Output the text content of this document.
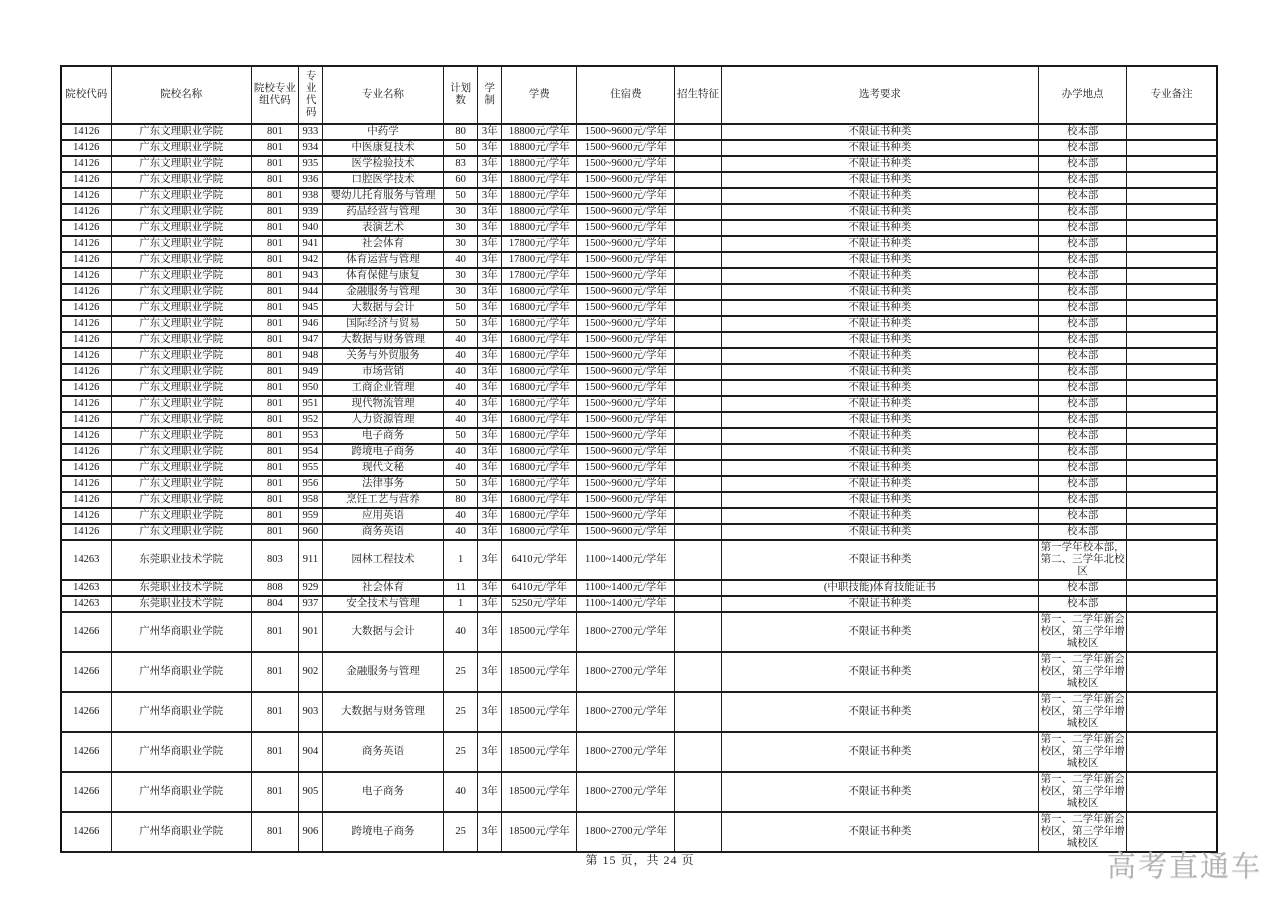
院校代码	院校名称	院校专业组代码	专业代码	专业名称	计划数	学制	学费	住宿费	招生特征	选考要求	办学地点	专业备注
14126	广东文理职业学院	801	933	中药学	80	3年	18800元/学年	1500~9600元/学年		不限证书种类	校本部	
14126	广东文理职业学院	801	934	中医康复技术	50	3年	18800元/学年	1500~9600元/学年		不限证书种类	校本部	
14126	广东文理职业学院	801	935	医学检验技术	83	3年	18800元/学年	1500~9600元/学年		不限证书种类	校本部	
14126	广东文理职业学院	801	936	口腔医学技术	60	3年	18800元/学年	1500~9600元/学年		不限证书种类	校本部	
14126	广东文理职业学院	801	938	婴幼儿托育服务与管理	50	3年	18800元/学年	1500~9600元/学年		不限证书种类	校本部	
14126	广东文理职业学院	801	939	药品经营与管理	30	3年	18800元/学年	1500~9600元/学年		不限证书种类	校本部	
14126	广东文理职业学院	801	940	表演艺术	30	3年	18800元/学年	1500~9600元/学年		不限证书种类	校本部	
14126	广东文理职业学院	801	941	社会体育	30	3年	17800元/学年	1500~9600元/学年		不限证书种类	校本部	
14126	广东文理职业学院	801	942	体育运营与管理	40	3年	17800元/学年	1500~9600元/学年		不限证书种类	校本部	
14126	广东文理职业学院	801	943	体育保健与康复	30	3年	17800元/学年	1500~9600元/学年		不限证书种类	校本部	
14126	广东文理职业学院	801	944	金融服务与管理	30	3年	16800元/学年	1500~9600元/学年		不限证书种类	校本部	
14126	广东文理职业学院	801	945	大数据与会计	50	3年	16800元/学年	1500~9600元/学年		不限证书种类	校本部	
14126	广东文理职业学院	801	946	国际经济与贸易	50	3年	16800元/学年	1500~9600元/学年		不限证书种类	校本部	
14126	广东文理职业学院	801	947	大数据与财务管理	40	3年	16800元/学年	1500~9600元/学年		不限证书种类	校本部	
14126	广东文理职业学院	801	948	关务与外贸服务	40	3年	16800元/学年	1500~9600元/学年		不限证书种类	校本部	
14126	广东文理职业学院	801	949	市场营销	40	3年	16800元/学年	1500~9600元/学年		不限证书种类	校本部	
14126	广东文理职业学院	801	950	工商企业管理	40	3年	16800元/学年	1500~9600元/学年		不限证书种类	校本部	
14126	广东文理职业学院	801	951	现代物流管理	40	3年	16800元/学年	1500~9600元/学年		不限证书种类	校本部	
14126	广东文理职业学院	801	952	人力资源管理	40	3年	16800元/学年	1500~9600元/学年		不限证书种类	校本部	
14126	广东文理职业学院	801	953	电子商务	50	3年	16800元/学年	1500~9600元/学年		不限证书种类	校本部	
14126	广东文理职业学院	801	954	跨境电子商务	40	3年	16800元/学年	1500~9600元/学年		不限证书种类	校本部	
14126	广东文理职业学院	801	955	现代文秘	40	3年	16800元/学年	1500~9600元/学年		不限证书种类	校本部	
14126	广东文理职业学院	801	956	法律事务	50	3年	16800元/学年	1500~9600元/学年		不限证书种类	校本部	
14126	广东文理职业学院	801	958	烹饪工艺与营养	80	3年	16800元/学年	1500~9600元/学年		不限证书种类	校本部	
14126	广东文理职业学院	801	959	应用英语	40	3年	16800元/学年	1500~9600元/学年		不限证书种类	校本部	
14126	广东文理职业学院	801	960	商务英语	40	3年	16800元/学年	1500~9600元/学年		不限证书种类	校本部	
14263	东莞职业技术学院	803	911	园林工程技术	1	3年	6410元/学年	1100~1400元/学年		不限证书种类	第一学年校本部，第二、三学年北校区	
14263	东莞职业技术学院	808	929	社会体育	11	3年	6410元/学年	1100~1400元/学年		(中职技能)体育技能证书	校本部	
14263	东莞职业技术学院	804	937	安全技术与管理	1	3年	5250元/学年	1100~1400元/学年		不限证书种类	校本部	
14266	广州华商职业学院	801	901	大数据与会计	40	3年	18500元/学年	1800~2700元/学年		不限证书种类	第一、二学年新会校区，第三学年增城校区	
14266	广州华商职业学院	801	902	金融服务与管理	25	3年	18500元/学年	1800~2700元/学年		不限证书种类	第一、二学年新会校区，第三学年增城校区	
14266	广州华商职业学院	801	903	大数据与财务管理	25	3年	18500元/学年	1800~2700元/学年		不限证书种类	第一、二学年新会校区，第三学年增城校区	
14266	广州华商职业学院	801	904	商务英语	25	3年	18500元/学年	1800~2700元/学年		不限证书种类	第一、二学年新会校区，第三学年增城校区	
14266	广州华商职业学院	801	905	电子商务	40	3年	18500元/学年	1800~2700元/学年		不限证书种类	第一、二学年新会校区，第三学年增城校区	
14266	广州华商职业学院	801	906	跨境电子商务	25	3年	18500元/学年	1800~2700元/学年		不限证书种类	第一、二学年新会校区，第三学年增城校区	
第 15 页，共 24 页	高考直通车
